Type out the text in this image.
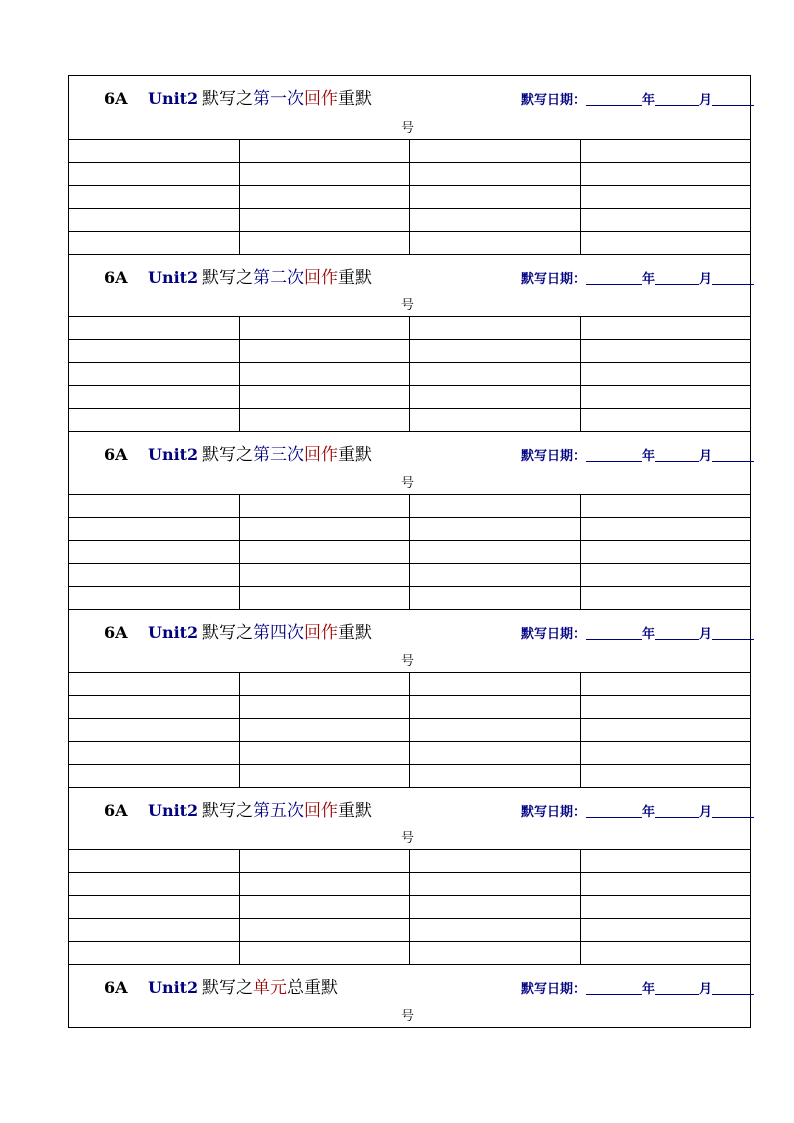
6A Unit2 默写之第一次回作重默	默写日期：	年	月
号
6A Unit2 默写之第二次回作重默	默写日期：	年	月
号
6A Unit2 默写之第三次回作重默	默写日期：	年	月
号
6A Unit2 默写之第四次回作重默	默写日期：	年	月
号
6A Unit2 默写之第五次回作重默	默写日期：	年	月
号
6A Unit2 默写之单元总重默	默写日期：	年	月
号
